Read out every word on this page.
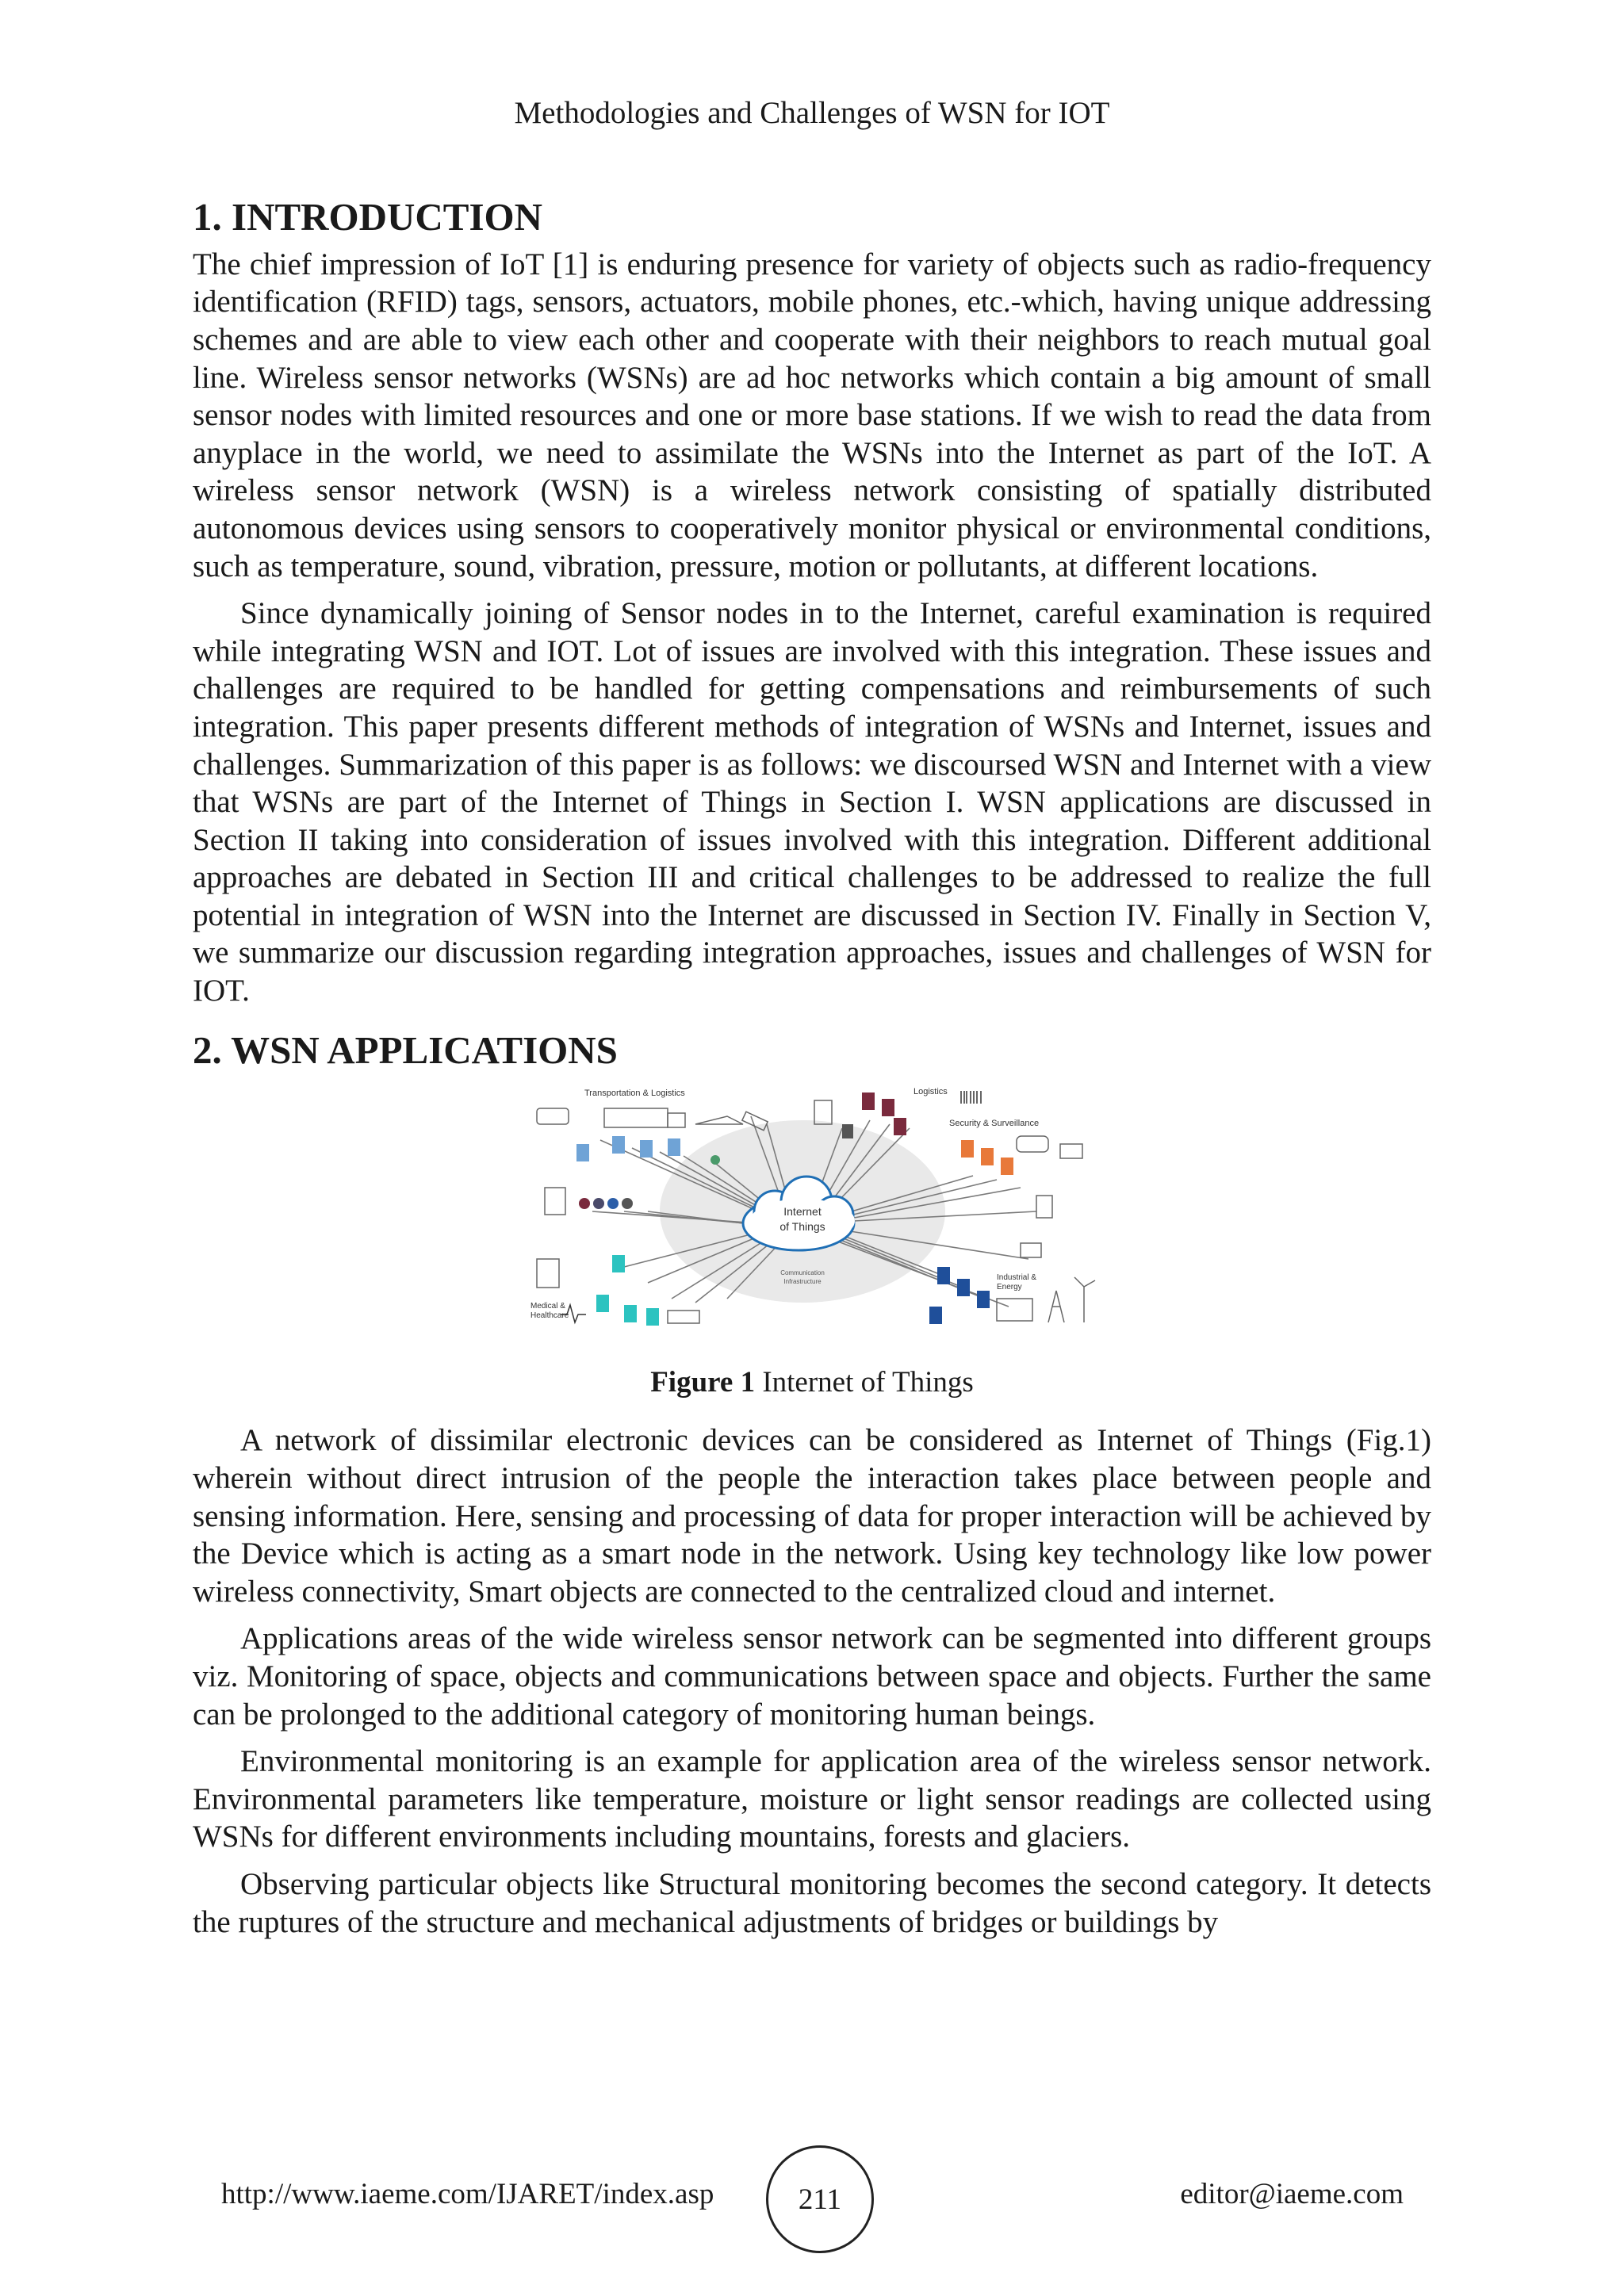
Methodologies and Challenges of WSN for IOT
1. INTRODUCTION

The chief impression of IoT [1] is enduring presence for variety of objects such as radio-frequency identification (RFID) tags, sensors, actuators, mobile phones, etc.-which, having unique addressing schemes and are able to view each other and cooperate with their neighbors to reach mutual goal line. Wireless sensor networks (WSNs) are ad hoc networks which contain a big amount of small sensor nodes with limited resources and one or more base stations. If we wish to read the data from anyplace in the world, we need to assimilate the WSNs into the Internet as part of the IoT. A wireless sensor network (WSN) is a wireless network consisting of spatially distributed autonomous devices using sensors to cooperatively monitor physical or environmental conditions, such as temperature, sound, vibration, pressure, motion or pollutants, at different locations.

Since dynamically joining of Sensor nodes in to the Internet, careful examination is required while integrating WSN and IOT. Lot of issues are involved with this integration. These issues and challenges are required to be handled for getting compensations and reimbursements of such integration. This paper presents different methods of integration of WSNs and Internet, issues and challenges. Summarization of this paper is as follows: we discoursed WSN and Internet with a view that WSNs are part of the Internet of Things in Section I. WSN applications are discussed in Section II taking into consideration of issues involved with this integration. Different additional approaches are debated in Section III and critical challenges to be addressed to realize the full potential in integration of WSN into the Internet are discussed in Section IV. Finally in Section V, we summarize our discussion regarding integration approaches, issues and challenges of WSN for IOT.

2. WSN APPLICATIONS
Internet
of Things
Communication
Infrastructure
Transportation & Logistics	Logistics
Security & Surveillance
Medical &
Healthcare
Industrial &
Energy
Figure 1 Internet of Things

A network of dissimilar electronic devices can be considered as Internet of Things (Fig.1) wherein without direct intrusion of the people the interaction takes place between people and sensing information. Here, sensing and processing of data for proper interaction will be achieved by the Device which is acting as a smart node in the network. Using key technology like low power wireless connectivity, Smart objects are connected to the centralized cloud and internet.

Applications areas of the wide wireless sensor network can be segmented into different groups viz. Monitoring of space, objects and communications between space and objects. Further the same can be prolonged to the additional category of monitoring human beings.

Environmental monitoring is an example for application area of the wireless sensor network. Environmental parameters like temperature, moisture or light sensor readings are collected using WSNs for different environments including mountains, forests and glaciers.

Observing particular objects like Structural monitoring becomes the second category. It detects the ruptures of the structure and mechanical adjustments of bridges or buildings by

http://www.iaeme.com/IJARET/index.asp	211	editor@iaeme.com
